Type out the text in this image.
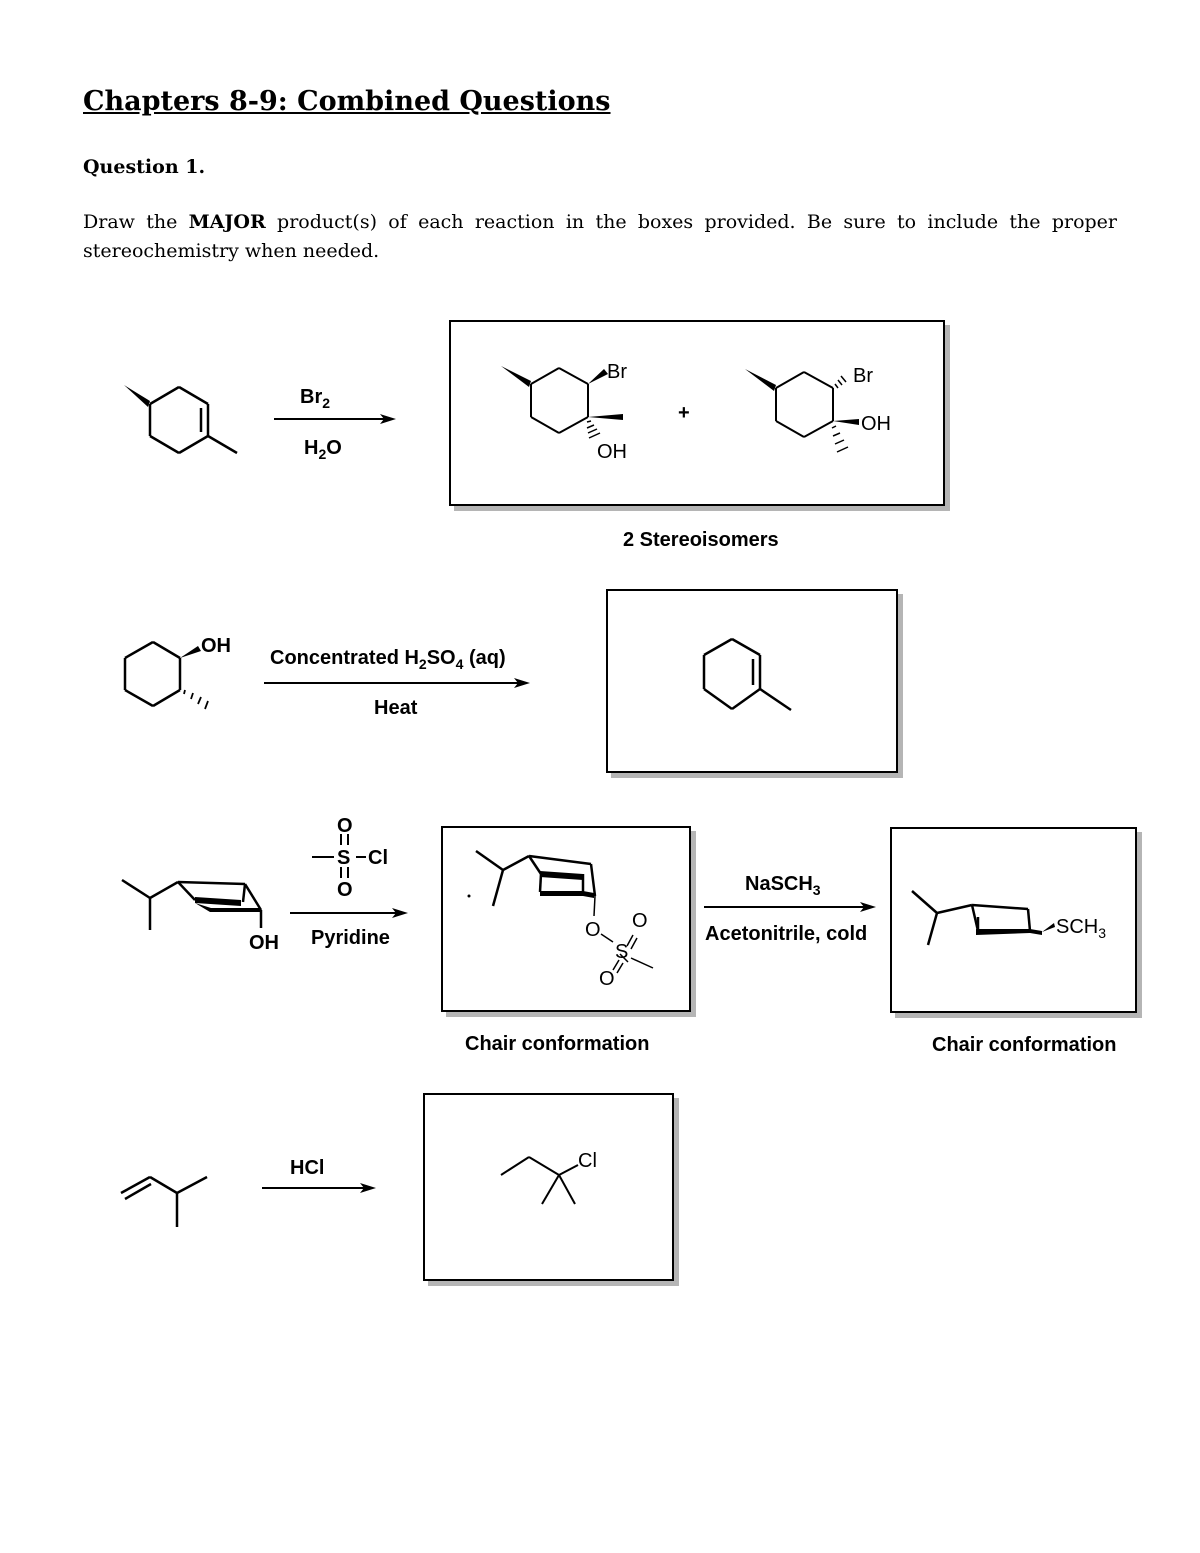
Chapters 8-9: Combined Questions
Question 1.
Draw the MAJOR product(s) of each reaction in the boxes provided. Be sure to include the proper stereochemistry when needed.
$Br_2$
$H_2O$
Br
OH
+
Br
OH
2 Stereoisomers
OH
Concentrated $H_2SO_4$ (aq)
Heat
OH
O
S Cl
O
Pyridine	O
S
O
O
Chair conformation
NaSCH$_3$
Acetonitrile, cold	$SCH_3$
Chair conformation
HCl	Cl
